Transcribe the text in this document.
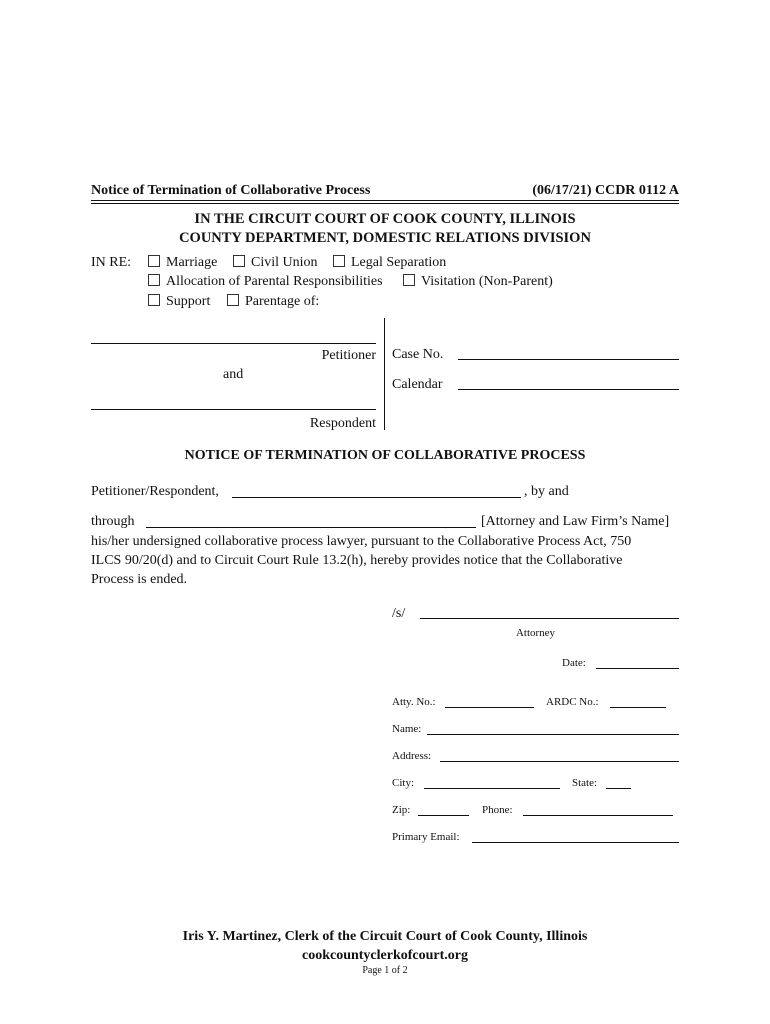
Notice of Termination of Collaborative Process	(06/17/21) CCDR 0112 A
IN THE CIRCUIT COURT OF COOK COUNTY, ILLINOIS
COUNTY DEPARTMENT, DOMESTIC RELATIONS DIVISION
IN RE:	Marriage	Civil Union	Legal Separation
Allocation of Parental Responsibilities	Visitation (Non-Parent)
Support	Parentage of:
Petitioner
and
Respondent
Case No.
Calendar
NOTICE OF TERMINATION OF COLLABORATIVE PROCESS
Petitioner/Respondent,	, by and
through	[Attorney and Law Firm’s Name]
his/her undersigned collaborative process lawyer, pursuant to the Collaborative Process Act, 750
ILCS 90/20(d) and to Circuit Court Rule 13.2(h), hereby provides notice that the Collaborative
Process is ended.
/s/
Attorney
Date:
Atty. No.:	ARDC No.:
Name:
Address:
City:	State:
Zip:	Phone:
Primary Email:
Iris Y. Martinez, Clerk of the Circuit Court of Cook County, Illinois
cookcountyclerkofcourt.org
Page 1 of 2
